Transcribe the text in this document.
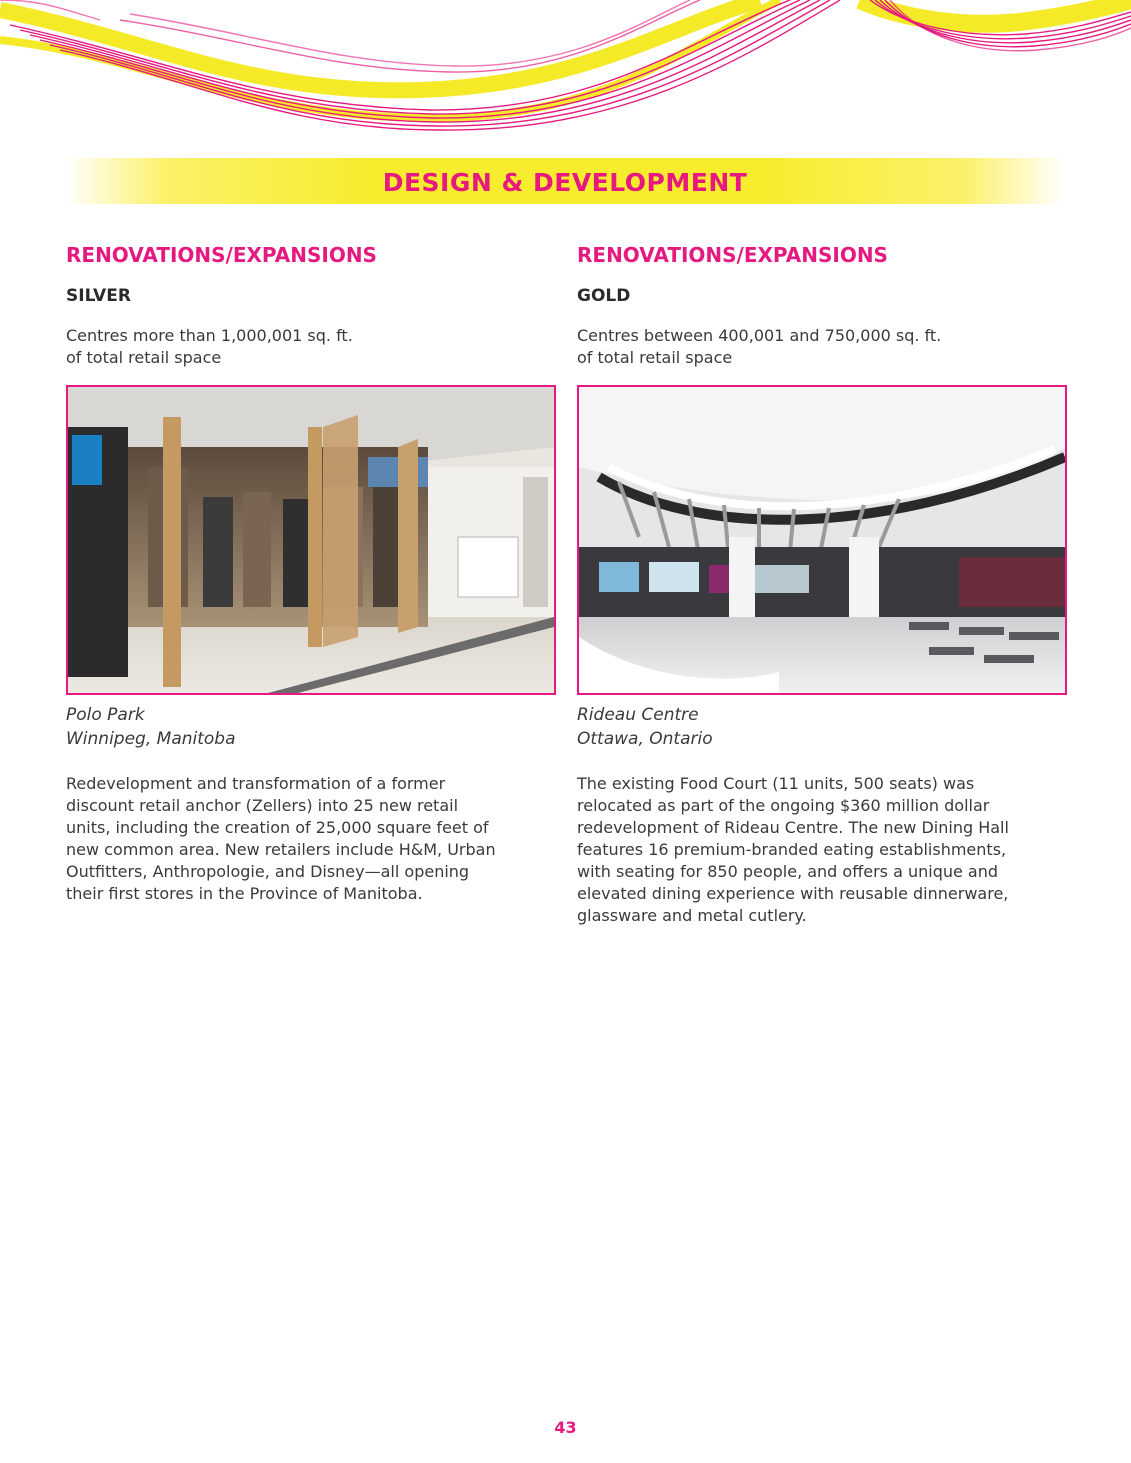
DESIGN & DEVELOPMENT
RENOVATIONS/EXPANSIONS
SILVER
Centres more than 1,000,001 sq. ft.
of total retail space
Polo Park
Winnipeg, Manitoba
Redevelopment and transformation of a former
discount retail anchor (Zellers) into 25 new retail
units, including the creation of 25,000 square feet of
new common area. New retailers include H&M, Urban
Outfitters, Anthropologie, and Disney—all opening
their first stores in the Province of Manitoba.
RENOVATIONS/EXPANSIONS
GOLD
Centres between 400,001 and 750,000 sq. ft.
of total retail space
Rideau Centre
Ottawa, Ontario
The existing Food Court (11 units, 500 seats) was
relocated as part of the ongoing $360 million dollar
redevelopment of Rideau Centre. The new Dining Hall
features 16 premium-branded eating establishments,
with seating for 850 people, and offers a unique and
elevated dining experience with reusable dinnerware,
glassware and metal cutlery.
43
